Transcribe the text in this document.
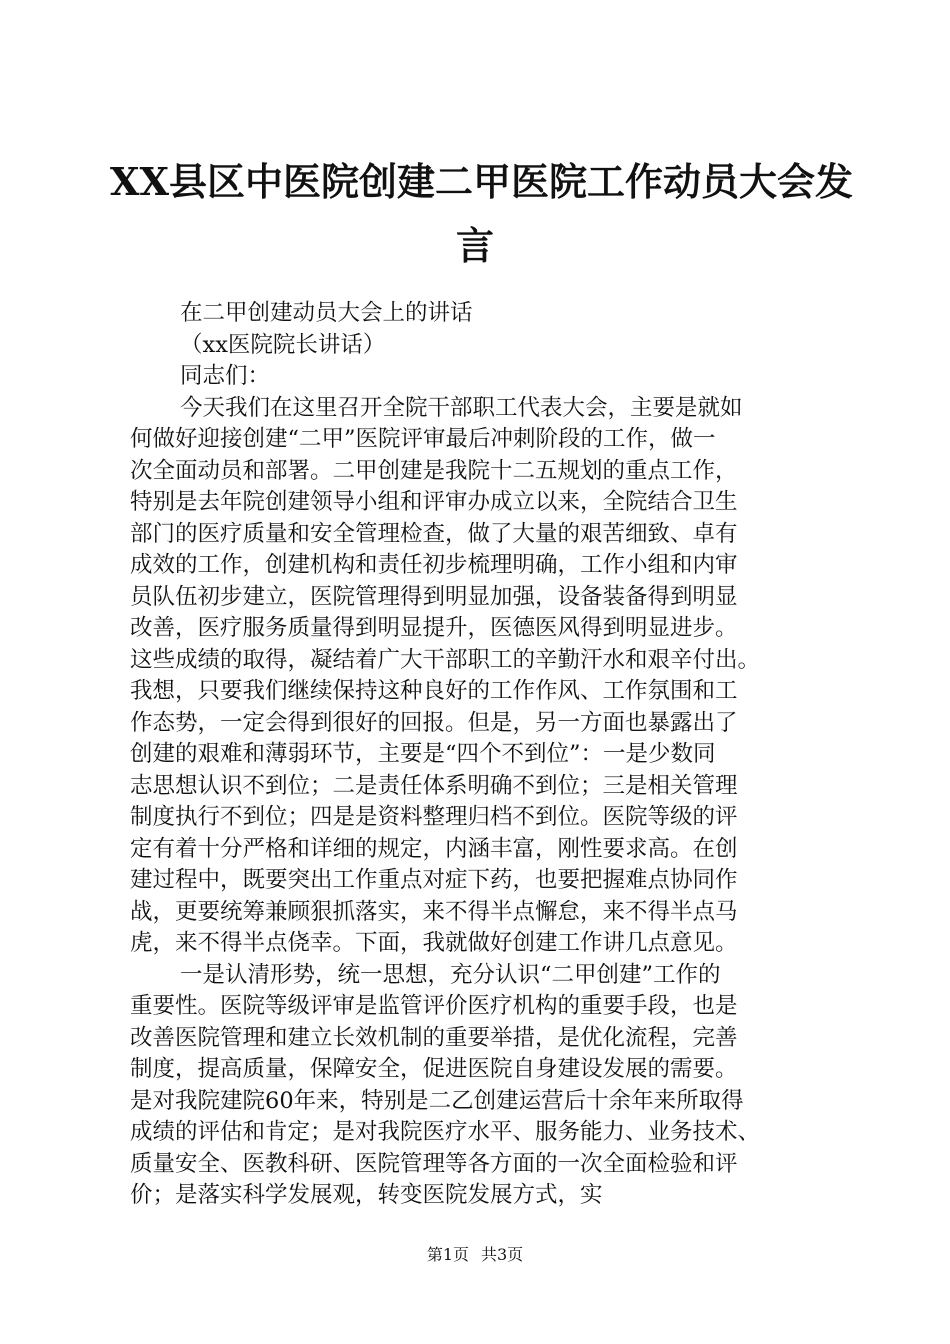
XX县区中医院创建二甲医院工作动员大会发
言
在二甲创建动员大会上的讲话
（xx医院院长讲话）
同志们：
今天我们在这里召开全院干部职工代表大会，主要是就如
何做好迎接创建“二甲”医院评审最后冲刺阶段的工作，做一
次全面动员和部署。二甲创建是我院十二五规划的重点工作，
特别是去年院创建领导小组和评审办成立以来，全院结合卫生
部门的医疗质量和安全管理检查，做了大量的艰苦细致、卓有
成效的工作，创建机构和责任初步梳理明确，工作小组和内审
员队伍初步建立，医院管理得到明显加强，设备装备得到明显
改善，医疗服务质量得到明显提升，医德医风得到明显进步。
这些成绩的取得，凝结着广大干部职工的辛勤汗水和艰辛付出。
我想，只要我们继续保持这种良好的工作作风、工作氛围和工
作态势，一定会得到很好的回报。但是，另一方面也暴露出了
创建的艰难和薄弱环节，主要是“四个不到位”：一是少数同
志思想认识不到位；二是责任体系明确不到位；三是相关管理
制度执行不到位；四是是资料整理归档不到位。医院等级的评
定有着十分严格和详细的规定，内涵丰富，刚性要求高。在创
建过程中，既要突出工作重点对症下药，也要把握难点协同作
战，更要统筹兼顾狠抓落实，来不得半点懈怠，来不得半点马
虎，来不得半点侥幸。下面，我就做好创建工作讲几点意见。
一是认清形势，统一思想，充分认识“二甲创建”工作的
重要性。医院等级评审是监管评价医疗机构的重要手段，也是
改善医院管理和建立长效机制的重要举措，是优化流程，完善
制度，提高质量，保障安全，促进医院自身建设发展的需要。
是对我院建院60年来，特别是二乙创建运营后十余年来所取得
成绩的评估和肯定；是对我院医疗水平、服务能力、业务技术、
质量安全、医教科研、医院管理等各方面的一次全面检验和评
价；是落实科学发展观，转变医院发展方式，实
第1页 共3页
